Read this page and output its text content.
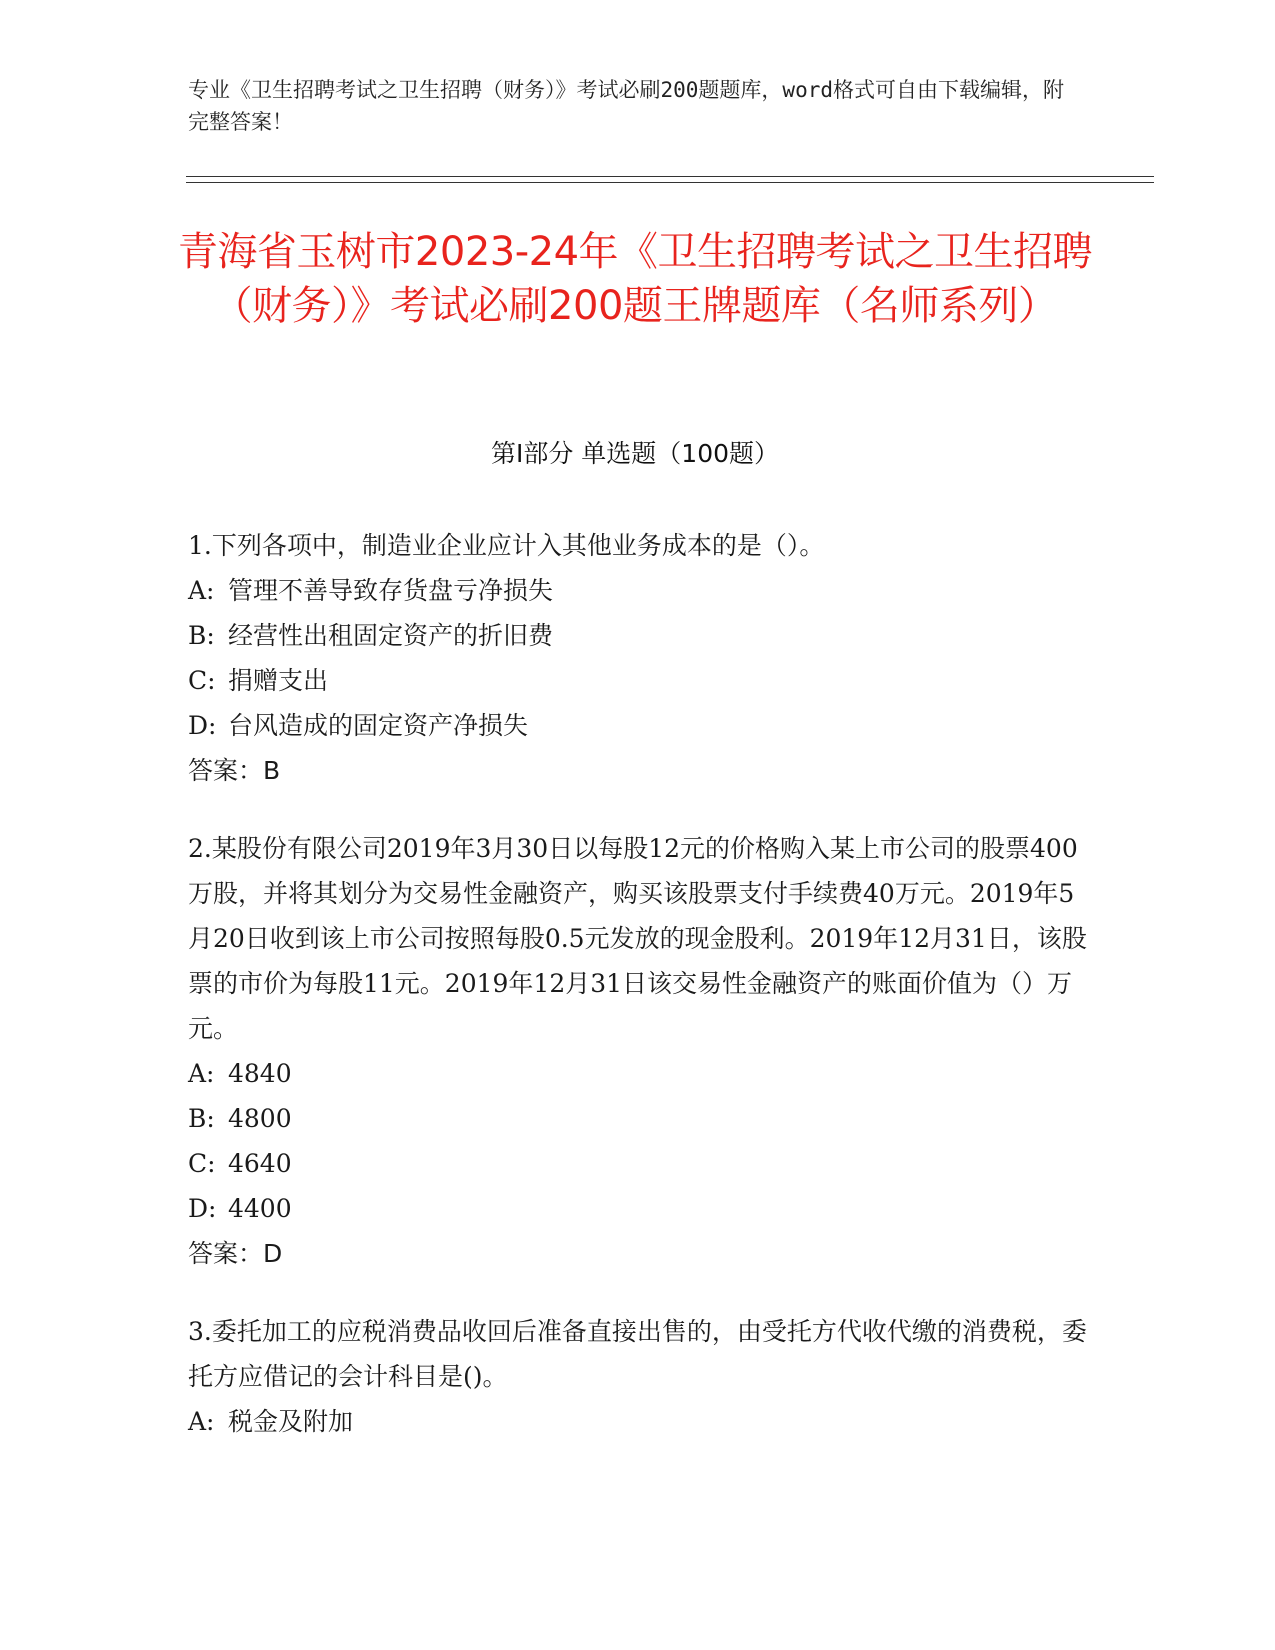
专业《卫生招聘考试之卫生招聘（财务）》考试必刷200题题库，word格式可自由下载编辑，附完整答案！
青海省玉树市2023-24年《卫生招聘考试之卫生招聘（财务）》考试必刷200题王牌题库（名师系列）
第Ⅰ部分 单选题（100题）

1.下列各项中，制造业企业应计入其他业务成本的是（）。

A: 管理不善导致存货盘亏净损失

B: 经营性出租固定资产的折旧费

C: 捐赠支出

D: 台风造成的固定资产净损失

答案：B

2.某股份有限公司2019年3月30日以每股12元的价格购入某上市公司的股票400万股，并将其划分为交易性金融资产，购买该股票支付手续费40万元。2019年5月20日收到该上市公司按照每股0.5元发放的现金股利。2019年12月31日，该股票的市价为每股11元。2019年12月31日该交易性金融资产的账面价值为（）万元。

A: 4840

B: 4800

C: 4640

D: 4400

答案：D

3.委托加工的应税消费品收回后准备直接出售的，由受托方代收代缴的消费税，委托方应借记的会计科目是()。

A: 税金及附加
